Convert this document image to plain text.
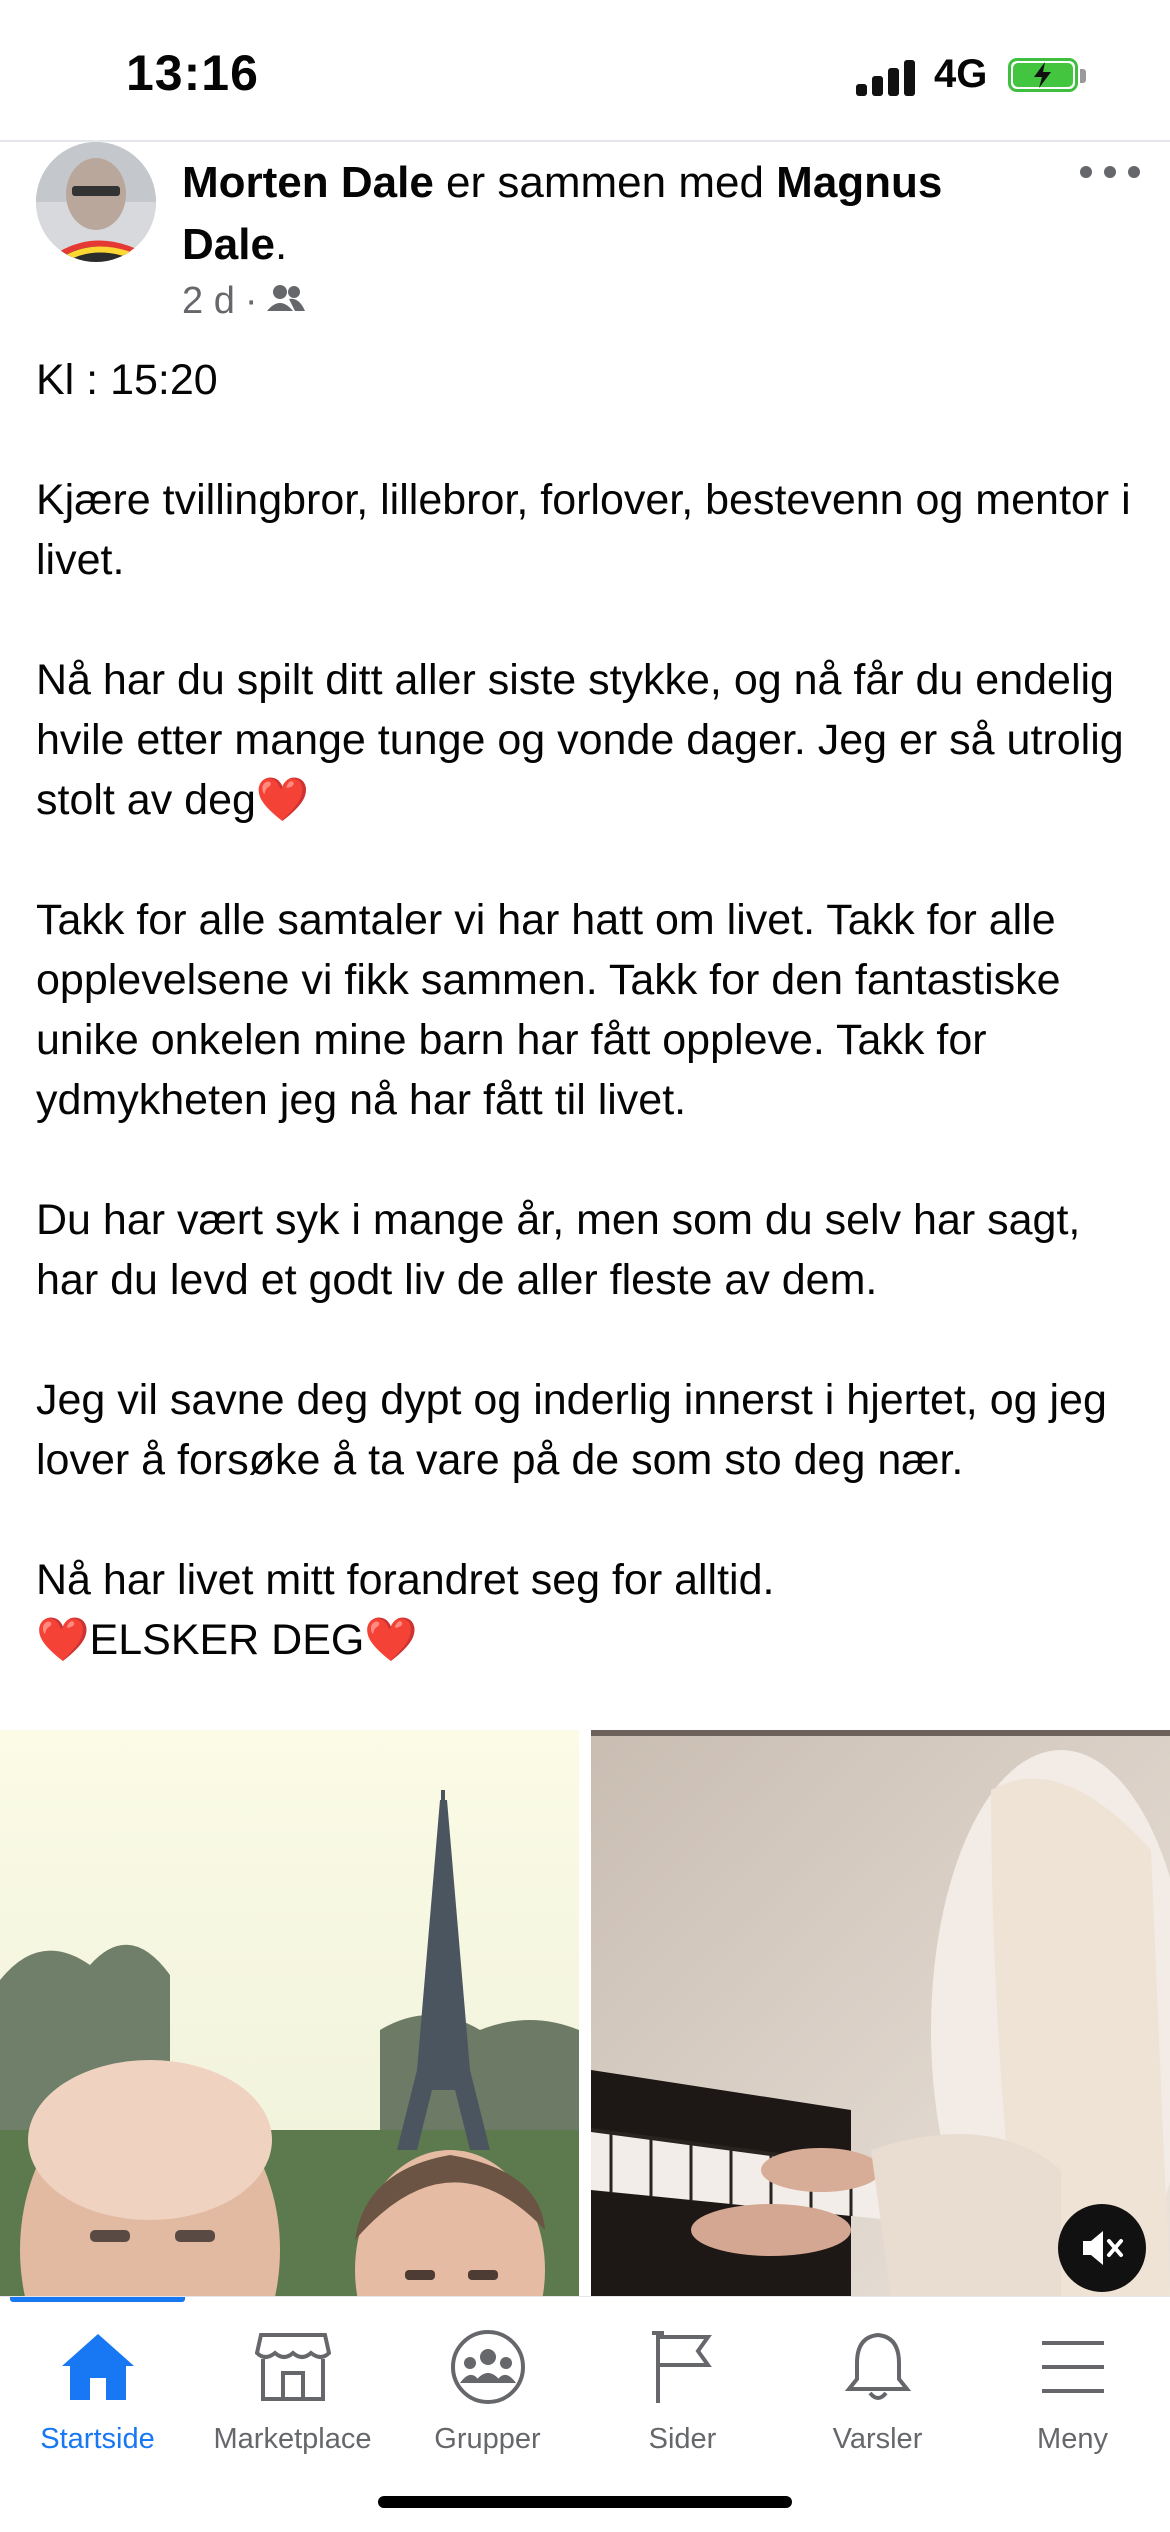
13:16	4G
Morten Dale er sammen med Magnus Dale.
2 d ·

Kl : 15:20

Kjære tvillingbror, lillebror, forlover, bestevenn og mentor i livet.

Nå har du spilt ditt aller siste stykke, og nå får du endelig hvile etter mange tunge og vonde dager. Jeg er så utrolig stolt av deg❤️

Takk for alle samtaler vi har hatt om livet. Takk for alle opplevelsene vi fikk sammen. Takk for den fantastiske unike onkelen mine barn har fått oppleve. Takk for ydmykheten jeg nå har fått til livet.

Du har vært syk i mange år, men som du selv har sagt, har du levd et godt liv de aller fleste av dem.

Jeg vil savne deg dypt og inderlig innerst i hjertet, og jeg lover å forsøke å ta vare på de som sto deg nær.

Nå har livet mitt forandret seg for alltid.

❤️ELSKER DEG❤️

Startside	Marketplace	Grupper	Sider	Varsler	Meny
